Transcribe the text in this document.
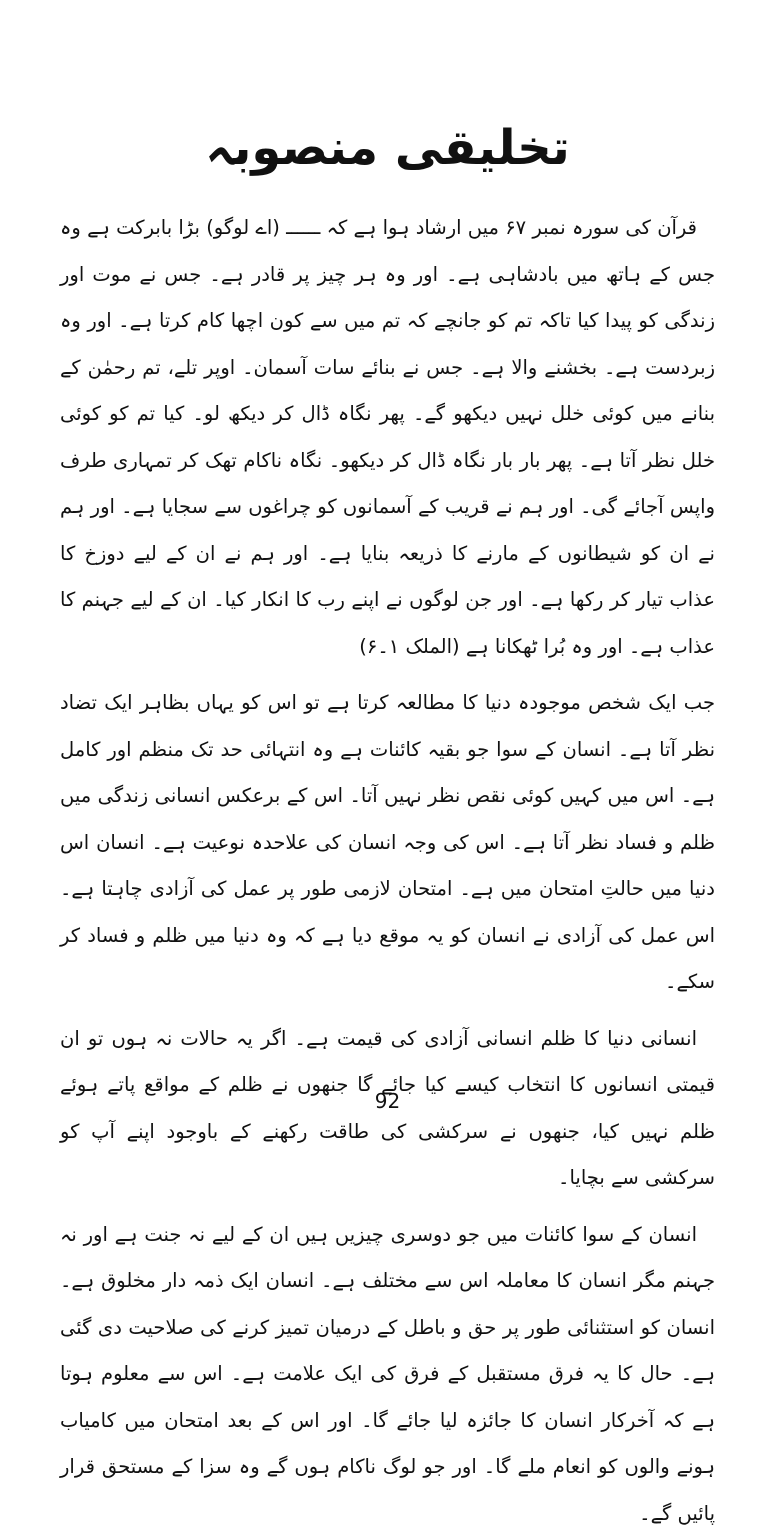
تخلیقی منصوبہ

قرآن کی سورہ نمبر ۶۷ میں ارشاد ہوا ہے کہ ــــــ (اے لوگو) بڑا بابرکت ہے وہ جس کے ہاتھ میں بادشاہی ہے۔ اور وہ ہر چیز پر قادر ہے۔ جس نے موت اور زندگی کو پیدا کیا تاکہ تم کو جانچے کہ تم میں سے کون اچھا کام کرتا ہے۔ اور وہ زبردست ہے۔ بخشنے والا ہے۔ جس نے بنائے سات آسمان۔ اوپر تلے، تم رحمٰن کے بنانے میں کوئی خلل نہیں دیکھو گے۔ پھر نگاہ ڈال کر دیکھ لو۔ کیا تم کو کوئی خلل نظر آتا ہے۔ پھر بار بار نگاہ ڈال کر دیکھو۔ نگاہ ناکام تھک کر تمہاری طرف واپس آجائے گی۔ اور ہم نے قریب کے آسمانوں کو چراغوں سے سجایا ہے۔ اور ہم نے ان کو شیطانوں کے مارنے کا ذریعہ بنایا ہے۔ اور ہم نے ان کے لیے دوزخ کا عذاب تیار کر رکھا ہے۔ اور جن لوگوں نے اپنے رب کا انکار کیا۔ ان کے لیے جہنم کا عذاب ہے۔ اور وہ بُرا ٹھکانا ہے (الملک ۱۔۶)

جب ایک شخص موجودہ دنیا کا مطالعہ کرتا ہے تو اس کو یہاں بظاہر ایک تضاد نظر آتا ہے۔ انسان کے سوا جو بقیہ کائنات ہے وہ انتہائی حد تک منظم اور کامل ہے۔ اس میں کہیں کوئی نقص نظر نہیں آتا۔ اس کے برعکس انسانی زندگی میں ظلم و فساد نظر آتا ہے۔ اس کی وجہ انسان کی علاحدہ نوعیت ہے۔ انسان اس دنیا میں حالتِ امتحان میں ہے۔ امتحان لازمی طور پر عمل کی آزادی چاہتا ہے۔ اس عمل کی آزادی نے انسان کو یہ موقع دیا ہے کہ وہ دنیا میں ظلم و فساد کر سکے۔

انسانی دنیا کا ظلم انسانی آزادی کی قیمت ہے۔ اگر یہ حالات نہ ہوں تو ان قیمتی انسانوں کا انتخاب کیسے کیا جائے گا جنھوں نے ظلم کے مواقع پاتے ہوئے ظلم نہیں کیا، جنھوں نے سرکشی کی طاقت رکھنے کے باوجود اپنے آپ کو سرکشی سے بچایا۔

انسان کے سوا کائنات میں جو دوسری چیزیں ہیں ان کے لیے نہ جنت ہے اور نہ جہنم مگر انسان کا معاملہ اس سے مختلف ہے۔ انسان ایک ذمہ دار مخلوق ہے۔ انسان کو استثنائی طور پر حق و باطل کے درمیان تمیز کرنے کی صلاحیت دی گئی ہے۔ حال کا یہ فرق مستقبل کے فرق کی ایک علامت ہے۔ اس سے معلوم ہوتا ہے کہ آخرکار انسان کا جائزہ لیا جائے گا۔ اور اس کے بعد امتحان میں کامیاب ہونے والوں کو انعام ملے گا۔ اور جو لوگ ناکام ہوں گے وہ سزا کے مستحق قرار پائیں گے۔

92
